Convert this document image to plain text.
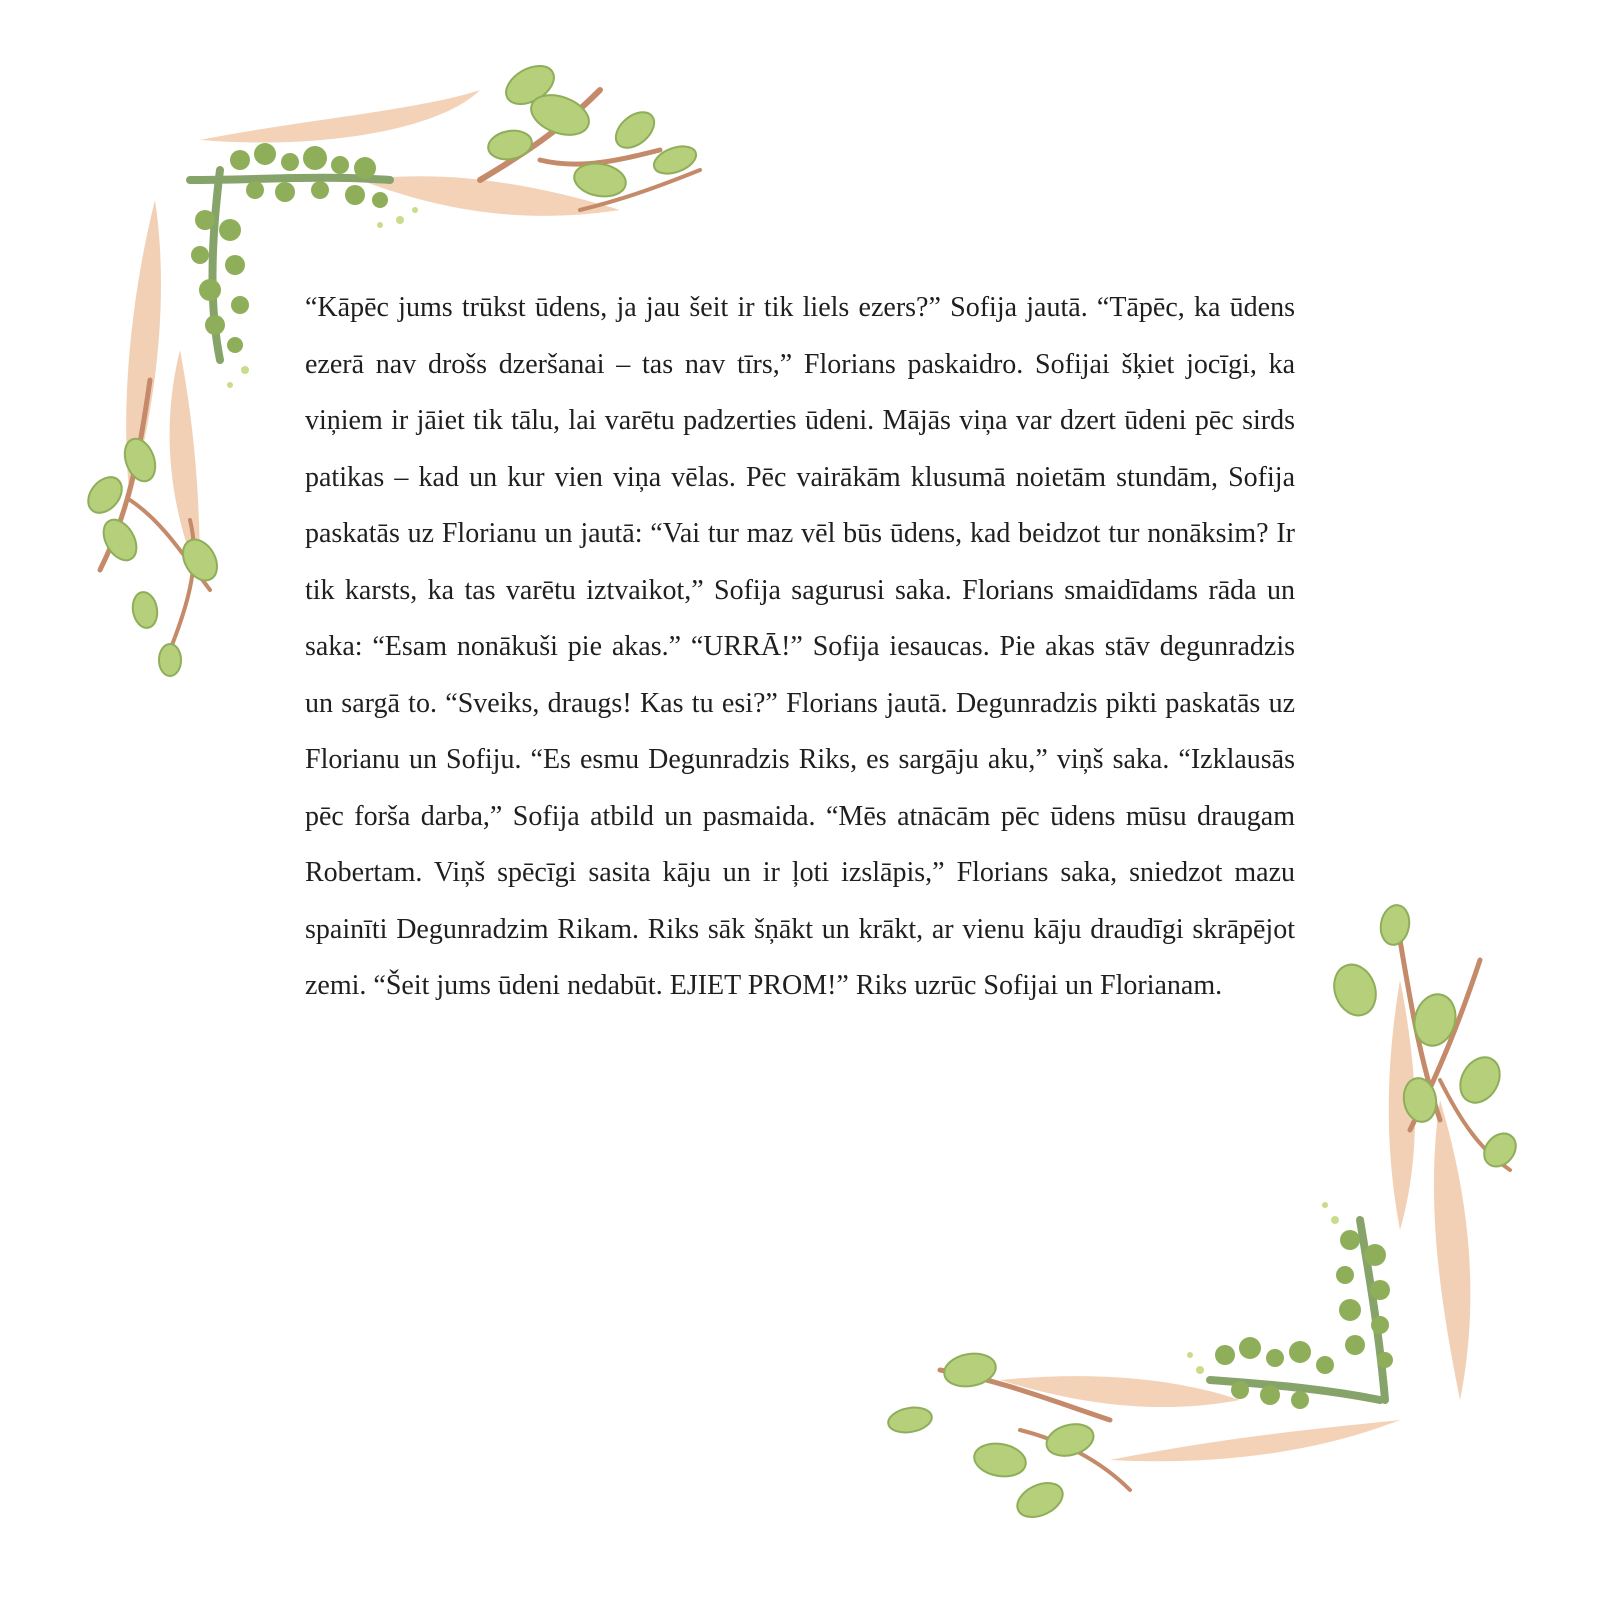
“Kāpēc jums trūkst ūdens, ja jau šeit ir tik liels ezers?” Sofija jautā. “Tāpēc, ka ūdens ezerā nav drošs dzeršanai – tas nav tīrs,” Florians paskaidro. Sofijai šķiet jocīgi, ka viņiem ir jāiet tik tālu, lai varētu padzerties ūdeni. Mājās viņa var dzert ūdeni pēc sirds patikas – kad un kur vien viņa vēlas. Pēc vairākām klusumā noietām stundām, Sofija paskatās uz Florianu un jautā: “Vai tur maz vēl būs ūdens, kad beidzot tur nonāksim? Ir tik karsts, ka tas varētu iztvaikot,” Sofija sagurusi saka. Florians smaidīdams rāda un saka: “Esam nonākuši pie akas.” “URRĀ!” Sofija iesaucas. Pie akas stāv degunradzis un sargā to. “Sveiks, draugs! Kas tu esi?” Florians jautā. Degunradzis pikti paskatās uz Florianu un Sofiju. “Es esmu Degunradzis Riks, es sargāju aku,” viņš saka. “Izklausās pēc forša darba,” Sofija atbild un pasmaida. “Mēs atnācām pēc ūdens mūsu draugam Robertam. Viņš spēcīgi sasita kāju un ir ļoti izslāpis,” Florians saka, sniedzot mazu spainīti Degunradzim Rikam. Riks sāk šņākt un krākt, ar vienu kāju draudīgi skrāpējot zemi. “Šeit jums ūdeni nedabūt. EJIET PROM!” Riks uzrūc Sofijai un Florianam.
